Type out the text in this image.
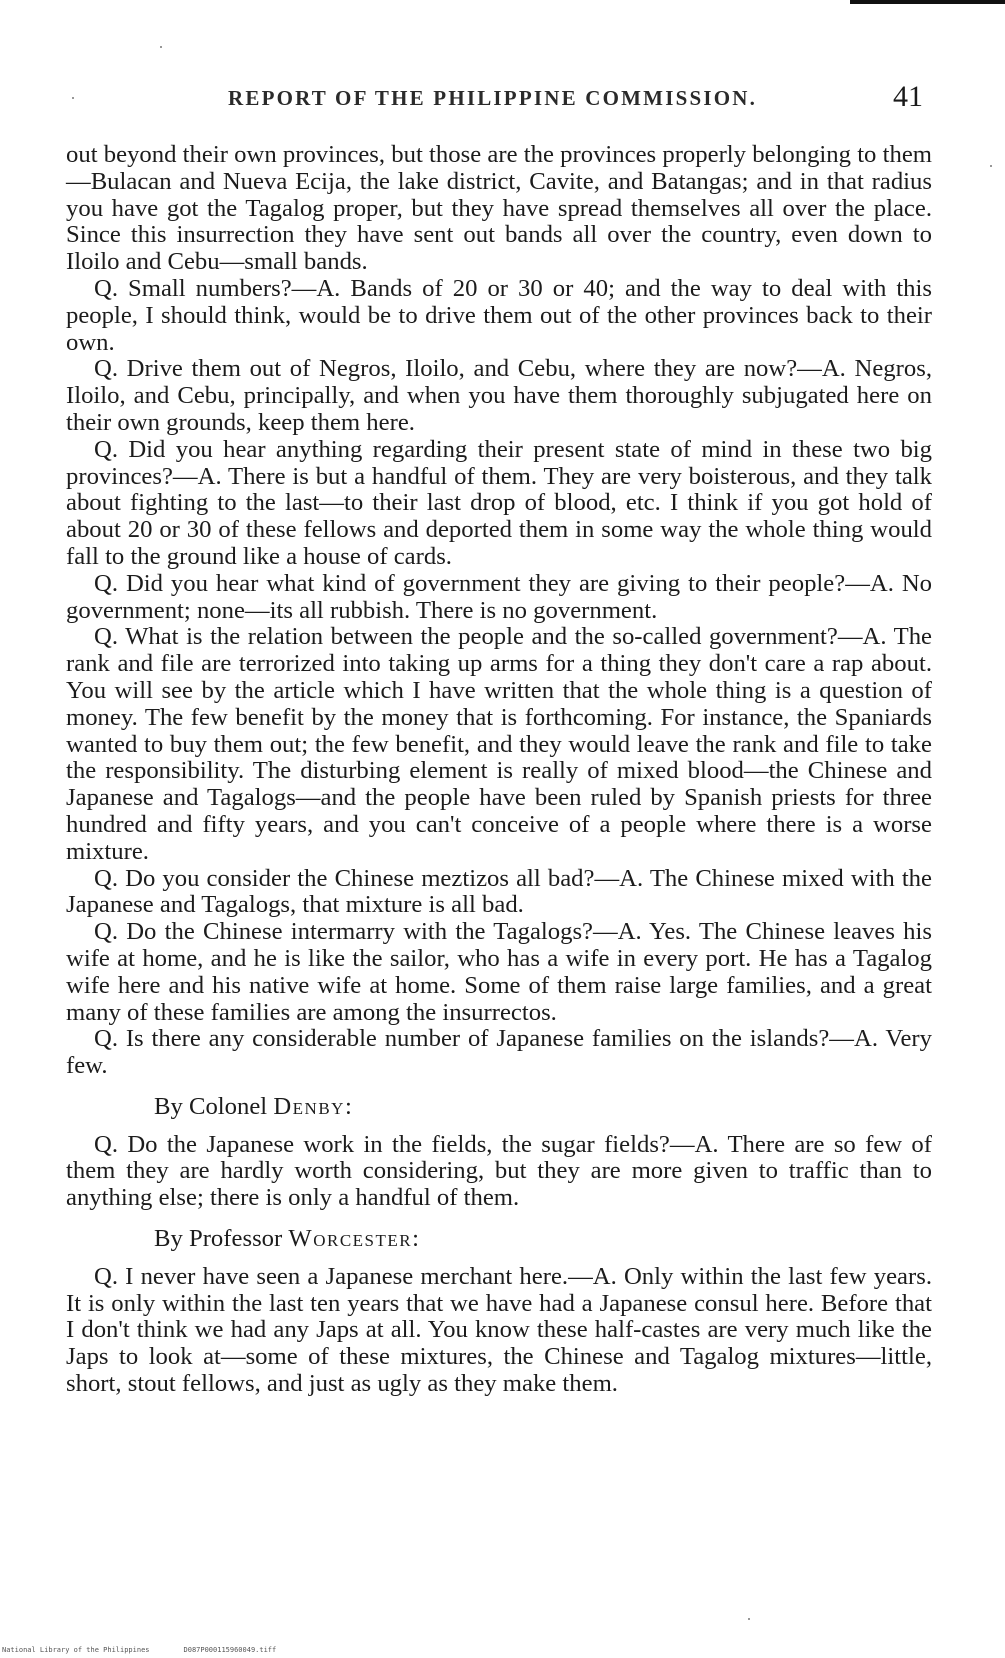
REPORT OF THE PHILIPPINE COMMISSION.	41

out beyond their own provinces, but those are the provinces properly belonging to them—Bulacan and Nueva Ecija, the lake district, Cavite, and Batangas; and in that radius you have got the Tagalog proper, but they have spread themselves all over the place. Since this insurrection they have sent out bands all over the country, even down to Iloilo and Cebu—small bands.

Q. Small numbers?—A. Bands of 20 or 30 or 40; and the way to deal with this people, I should think, would be to drive them out of the other provinces back to their own.

Q. Drive them out of Negros, Iloilo, and Cebu, where they are now?—A. Negros, Iloilo, and Cebu, principally, and when you have them thoroughly subjugated here on their own grounds, keep them here.

Q. Did you hear anything regarding their present state of mind in these two big provinces?—A. There is but a handful of them. They are very boisterous, and they talk about fighting to the last—to their last drop of blood, etc. I think if you got hold of about 20 or 30 of these fellows and deported them in some way the whole thing would fall to the ground like a house of cards.

Q. Did you hear what kind of government they are giving to their people?—A. No government; none—its all rubbish. There is no government.

Q. What is the relation between the people and the so-called government?—A. The rank and file are terrorized into taking up arms for a thing they don't care a rap about. You will see by the article which I have written that the whole thing is a question of money. The few benefit by the money that is forthcoming. For instance, the Spaniards wanted to buy them out; the few benefit, and they would leave the rank and file to take the responsibility. The disturbing element is really of mixed blood—the Chinese and Japanese and Tagalogs—and the people have been ruled by Spanish priests for three hundred and fifty years, and you can't conceive of a people where there is a worse mixture.

Q. Do you consider the Chinese meztizos all bad?—A. The Chinese mixed with the Japanese and Tagalogs, that mixture is all bad.

Q. Do the Chinese intermarry with the Tagalogs?—A. Yes. The Chinese leaves his wife at home, and he is like the sailor, who has a wife in every port. He has a Tagalog wife here and his native wife at home. Some of them raise large families, and a great many of these families are among the insurrectos.

Q. Is there any considerable number of Japanese families on the islands?—A. Very few.

By Colonel Denby:

Q. Do the Japanese work in the fields, the sugar fields?—A. There are so few of them they are hardly worth considering, but they are more given to traffic than to anything else; there is only a handful of them.

By Professor Worcester:

Q. I never have seen a Japanese merchant here.—A. Only within the last few years. It is only within the last ten years that we have had a Japanese consul here. Before that I don't think we had any Japs at all. You know these half-castes are very much like the Japs to look at—some of these mixtures, the Chinese and Tagalog mixtures—little, short, stout fellows, and just as ugly as they make them.

National Library of the Philippines	D087P000115960049.tiff
